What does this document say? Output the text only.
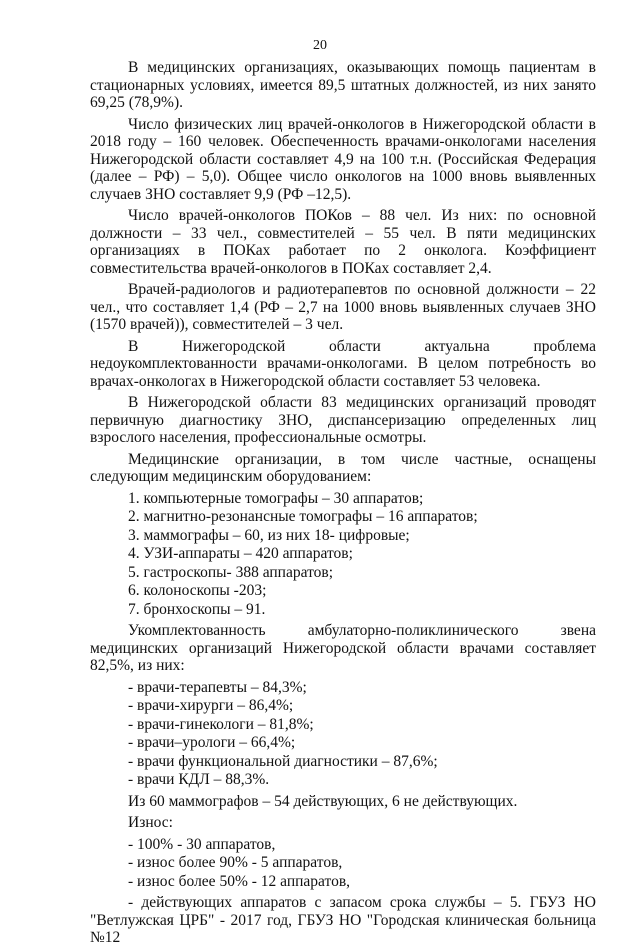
20

В медицинских организациях, оказывающих помощь пациентам в стационарных условиях, имеется 89,5 штатных должностей, из них занято 69,25 (78,9%).

Число физических лиц врачей-онкологов в Нижегородской области в 2018 году – 160 человек. Обеспеченность врачами-онкологами населения Нижегородской области составляет 4,9 на 100 т.н. (Российская Федерация (далее – РФ) – 5,0). Общее число онкологов на 1000 вновь выявленных случаев ЗНО составляет 9,9 (РФ –12,5).

Число врачей-онкологов ПОКов – 88 чел. Из них: по основной должности – 33 чел., совместителей – 55 чел. В пяти медицинских организациях в ПОКах работает по 2 онколога. Коэффициент совместительства врачей-онкологов в ПОКах составляет 2,4.

Врачей-радиологов и радиотерапевтов по основной должности – 22 чел., что составляет 1,4 (РФ – 2,7 на 1000 вновь выявленных случаев ЗНО (1570 врачей)), совместителей – 3 чел.

В Нижегородской области актуальна проблема недоукомплектованности врачами-онкологами. В целом потребность во врачах-онкологах в Нижегородской области составляет 53 человека.

В Нижегородской области 83 медицинских организаций проводят первичную диагностику ЗНО, диспансеризацию определенных лиц взрослого населения, профессиональные осмотры.

Медицинские организации, в том числе частные, оснащены следующим медицинским оборудованием:

1. компьютерные томографы – 30 аппаратов;
2. магнитно-резонансные томографы – 16 аппаратов;
3. маммографы – 60, из них 18- цифровые;
4. УЗИ-аппараты – 420 аппаратов;
5. гастроскопы- 388 аппаратов;
6. колоноскопы -203;
7. бронхоскопы – 91.

Укомплектованность амбулаторно-поликлинического звена медицинских организаций Нижегородской области врачами составляет 82,5%, из них:

- врачи-терапевты – 84,3%;
- врачи-хирурги – 86,4%;
- врачи-гинекологи – 81,8%;
- врачи–урологи – 66,4%;
- врачи функциональной диагностики – 87,6%;
- врачи КДЛ – 88,3%.
Из 60 маммографов – 54 действующих, 6 не действующих.
Износ:
- 100% - 30 аппаратов,
- износ более 90% - 5 аппаратов,
- износ более 50% - 12 аппаратов,

- действующих аппаратов с запасом срока службы – 5. ГБУЗ НО "Ветлужская ЦРБ" - 2017 год, ГБУЗ НО "Городская клиническая больница №12
